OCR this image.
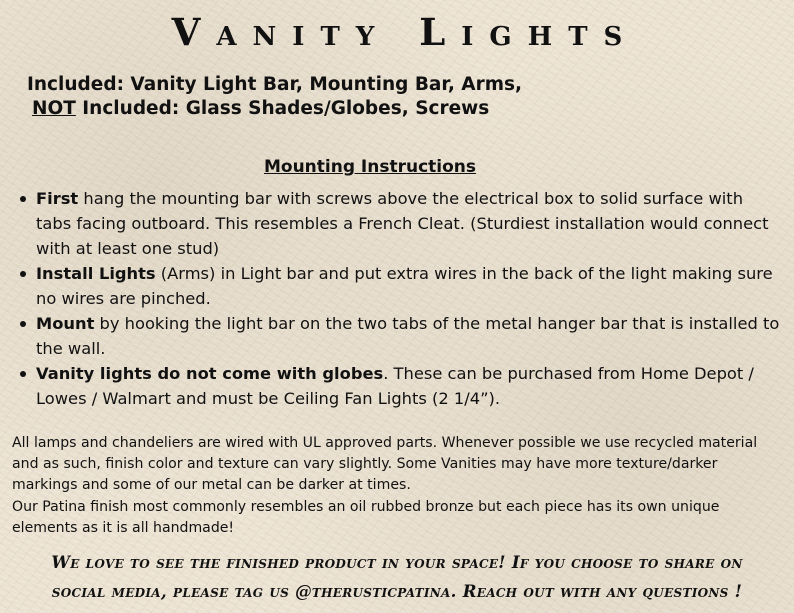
Vanity Lights
Included: Vanity Light Bar, Mounting Bar, Arms,
NOT Included: Glass Shades/Globes, Screws
Mounting Instructions
First hang the mounting bar with screws above the electrical box to solid surface with tabs facing outboard. This resembles a French Cleat. (Sturdiest installation would connect with at least one stud)
Install Lights (Arms) in Light bar and put extra wires in the back of the light making sure no wires are pinched.
Mount by hooking the light bar on the two tabs of the metal hanger bar that is installed to the wall.
Vanity lights do not come with globes. These can be purchased from Home Depot / Lowes / Walmart and must be Ceiling Fan Lights (2 1/4”).

All lamps and chandeliers are wired with UL approved parts. Whenever possible we use recycled material and as such, finish color and texture can vary slightly. Some Vanities may have more texture/darker markings and some of our metal can be darker at times.

Our Patina finish most commonly resembles an oil rubbed bronze but each piece has its own unique elements as it is all handmade!

We love to see the finished product in your space! If you choose to share on
social media, please tag us @therusticpatina. Reach out with any questions !
